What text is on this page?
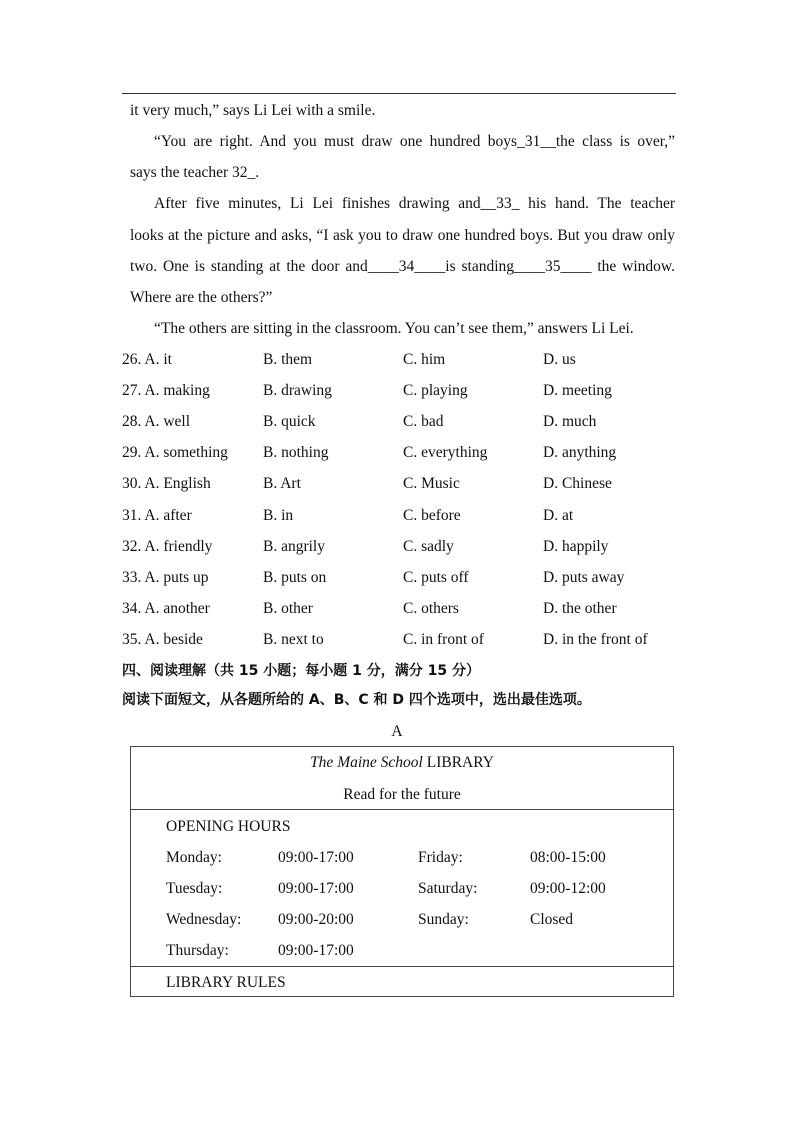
it very much,” says Li Lei with a smile.
“You are right. And you must draw one hundred boys_31__the class is over,”
says the teacher 32_.
After five minutes, Li Lei finishes drawing and__33_ his hand. The teacher
looks at the picture and asks, “I ask you to draw one hundred boys. But you draw only
two. One is standing at the door and____34____is standing____35____ the window.
Where are the others?”
“The others are sitting in the classroom. You can’t see them,” answers Li Lei.
26. A. it	B. them	C. him	D. us
27. A. making	B. drawing	C. playing	D. meeting
28. A. well	B. quick	C. bad	D. much
29. A. something B. nothing	C. everything	D. anything
30. A. English	B. Art	C. Music	D. Chinese
31. A. after	B. in	C. before	D. at
32. A. friendly	B. angrily	C. sadly	D. happily
33. A. puts up	B. puts on	C. puts off	D. puts away
34. A. another	B. other	C. others	D. the other
35. A. beside	B. next to	C. in front of	D. in the front of
四、阅读理解（共 15 小题；每小题 1 分，满分 15 分）
阅读下面短文，从各题所给的 A、B、C 和 D 四个选项中，选出最佳选项。
A
The Maine School LIBRARY
Read for the future
OPENING HOURS
Monday:	09:00-17:00	Friday:	08:00-15:00
Tuesday:	09:00-17:00	Saturday:	09:00-12:00
Wednesday: 09:00-20:00	Sunday:	Closed
Thursday:	09:00-17:00
LIBRARY RULES
